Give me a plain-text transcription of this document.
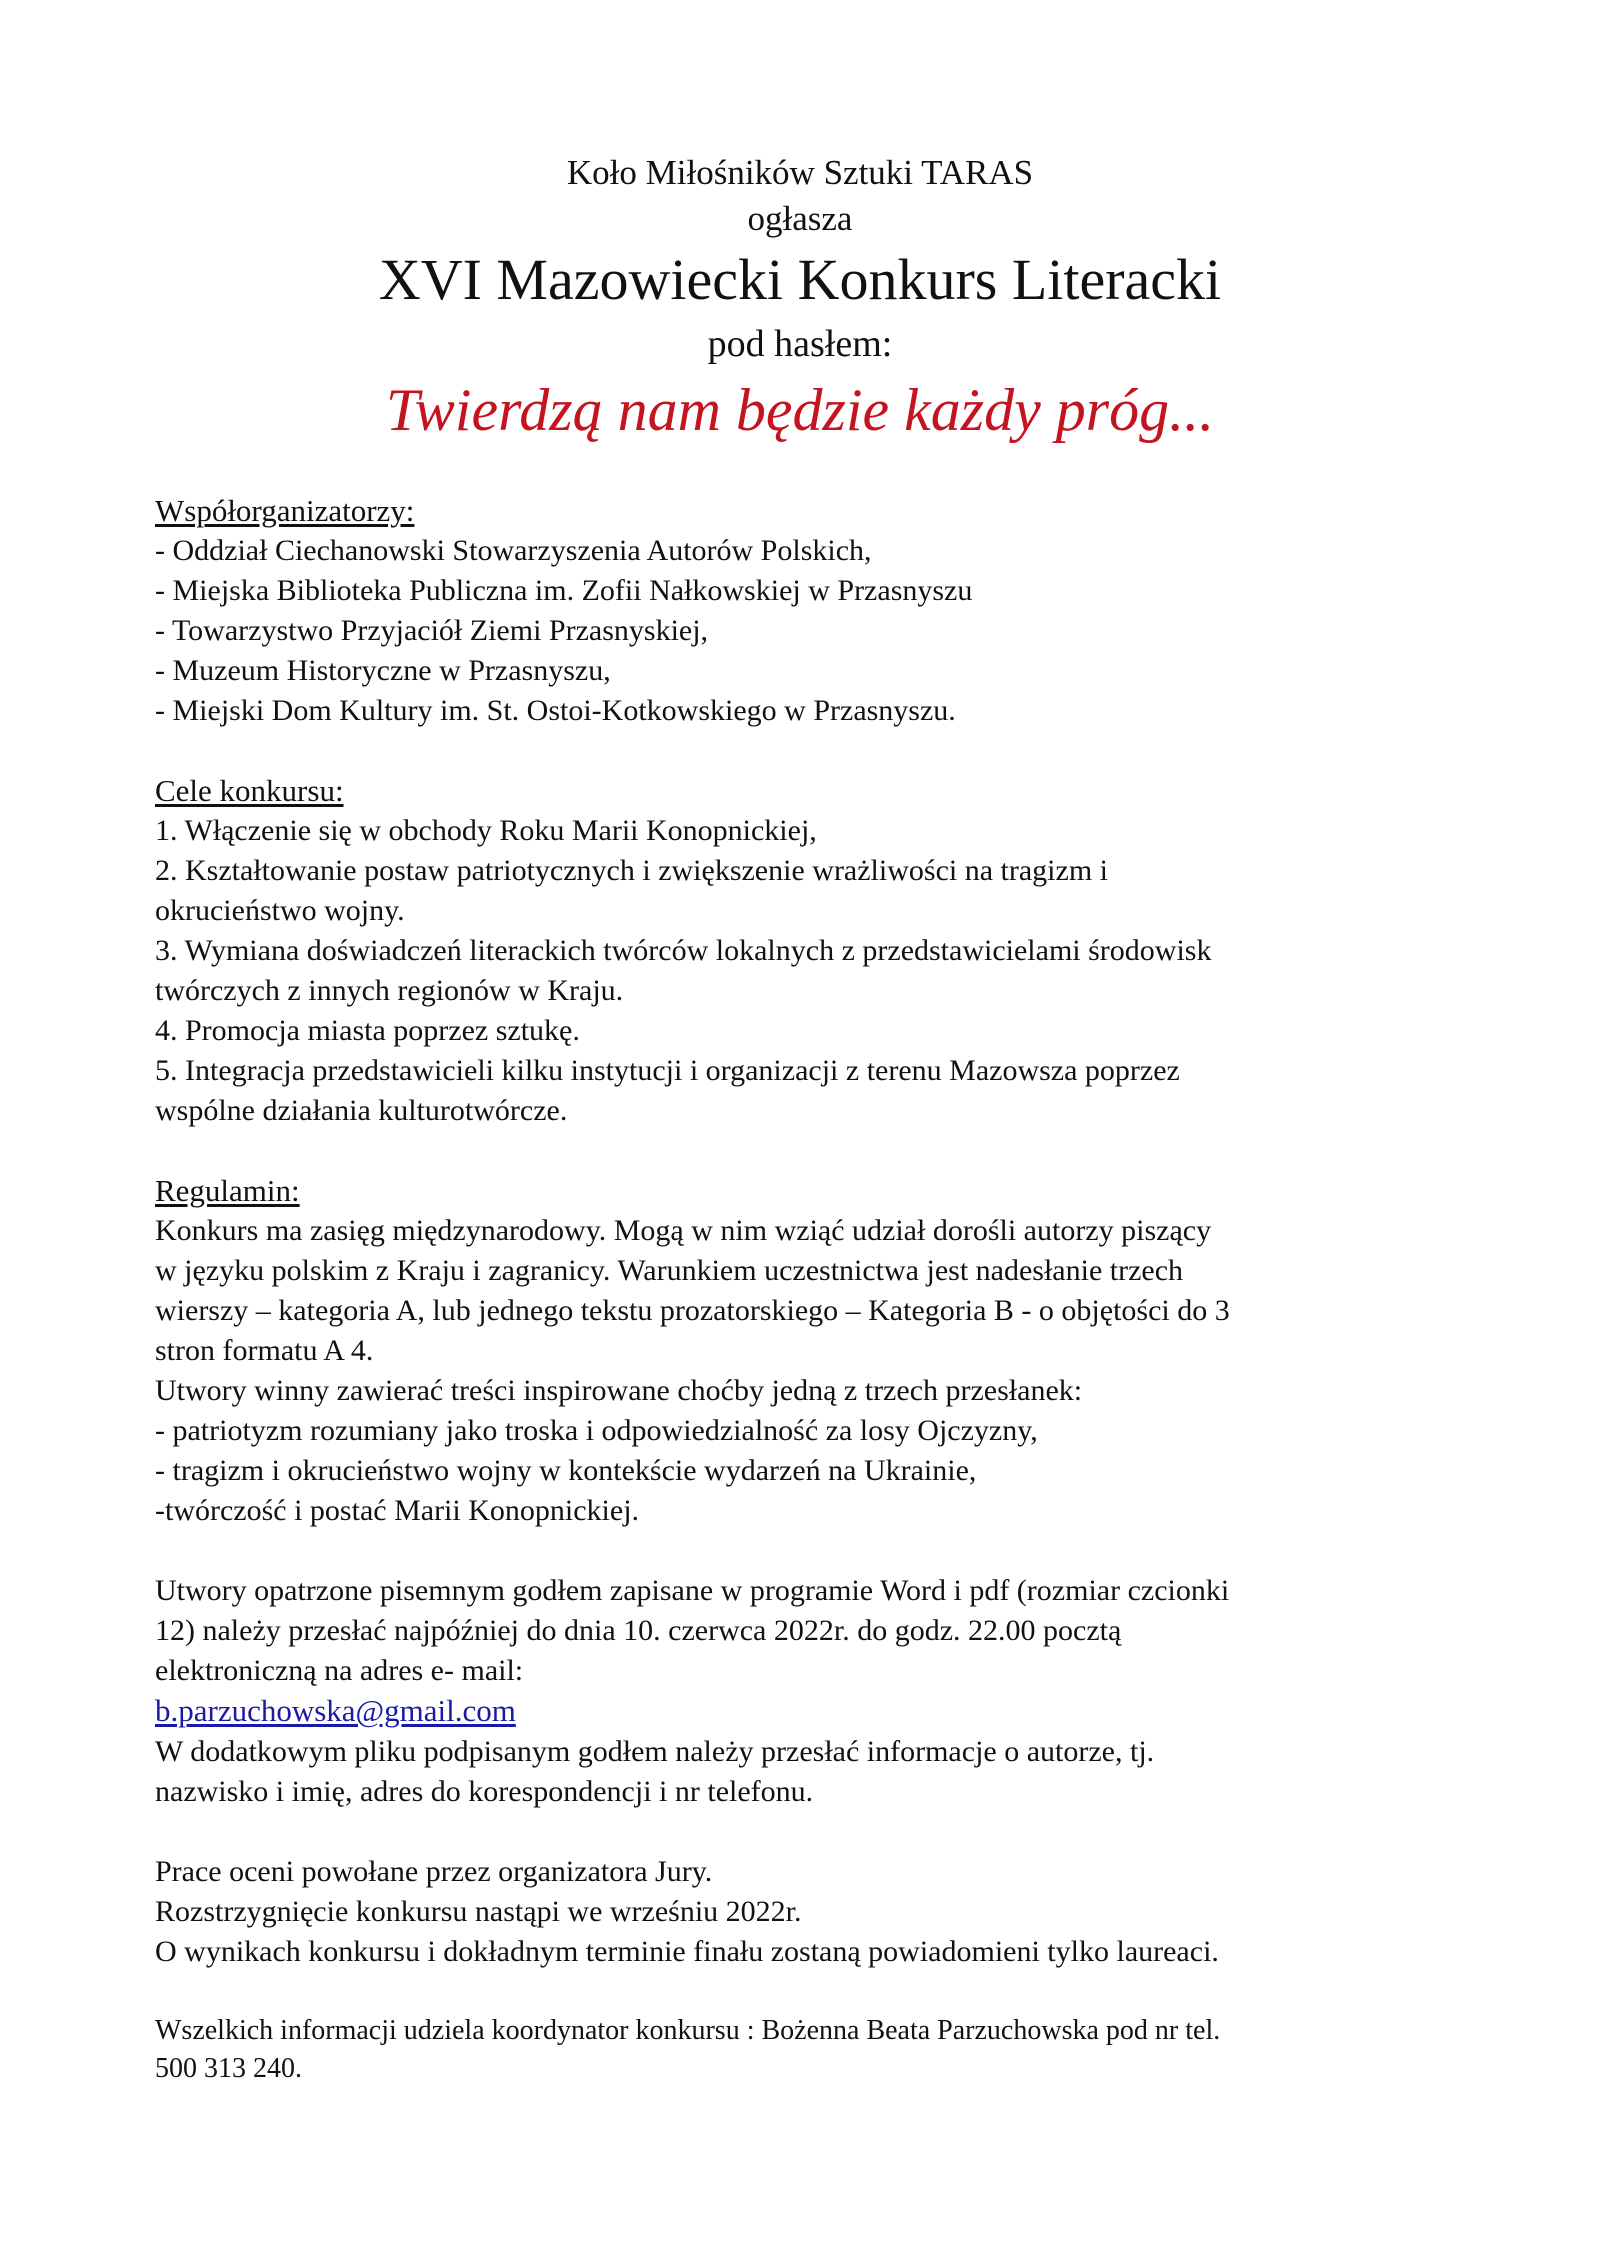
Koło Miłośników Sztuki TARAS

ogłasza

XVI Mazowiecki Konkurs Literacki

pod hasłem:

Twierdzą nam będzie każdy próg...

Współorganizatorzy:
- Oddział Ciechanowski Stowarzyszenia Autorów Polskich,
- Miejska Biblioteka Publiczna im. Zofii Nałkowskiej w Przasnyszu
- Towarzystwo Przyjaciół Ziemi Przasnyskiej,
- Muzeum Historyczne w Przasnyszu,
- Miejski Dom Kultury im. St. Ostoi-Kotkowskiego w Przasnyszu.
Cele konkursu:
1. Włączenie się w obchody Roku Marii Konopnickiej,
2. Kształtowanie postaw patriotycznych i zwiększenie wrażliwości na tragizm i
okrucieństwo wojny.
3. Wymiana doświadczeń literackich twórców lokalnych z przedstawicielami środowisk
twórczych z innych regionów w Kraju.
4. Promocja miasta poprzez sztukę.
5. Integracja przedstawicieli kilku instytucji i organizacji z terenu Mazowsza poprzez
wspólne działania kulturotwórcze.
Regulamin:
Konkurs ma zasięg międzynarodowy. Mogą w nim wziąć udział dorośli autorzy piszący
w języku polskim z Kraju i zagranicy. Warunkiem uczestnictwa jest nadesłanie trzech
wierszy – kategoria A, lub jednego tekstu prozatorskiego – Kategoria B - o objętości do 3
stron formatu A 4.
Utwory winny zawierać treści inspirowane choćby jedną z trzech przesłanek:
- patriotyzm rozumiany jako troska i odpowiedzialność za losy Ojczyzny,
- tragizm i okrucieństwo wojny w kontekście wydarzeń na Ukrainie,
-twórczość i postać Marii Konopnickiej.
Utwory opatrzone pisemnym godłem zapisane w programie Word i pdf (rozmiar czcionki
12) należy przesłać najpóźniej do dnia 10. czerwca 2022r. do godz. 22.00 pocztą
elektroniczną na adres e- mail:
b.parzuchowska@gmail.com
W dodatkowym pliku podpisanym godłem należy przesłać informacje o autorze, tj.
nazwisko i imię, adres do korespondencji i nr telefonu.
Prace oceni powołane przez organizatora Jury.
Rozstrzygnięcie konkursu nastąpi we wrześniu 2022r.
O wynikach konkursu i dokładnym terminie finału zostaną powiadomieni tylko laureaci.
Wszelkich informacji udziela koordynator konkursu : Bożenna Beata Parzuchowska pod nr tel.
500 313 240.
